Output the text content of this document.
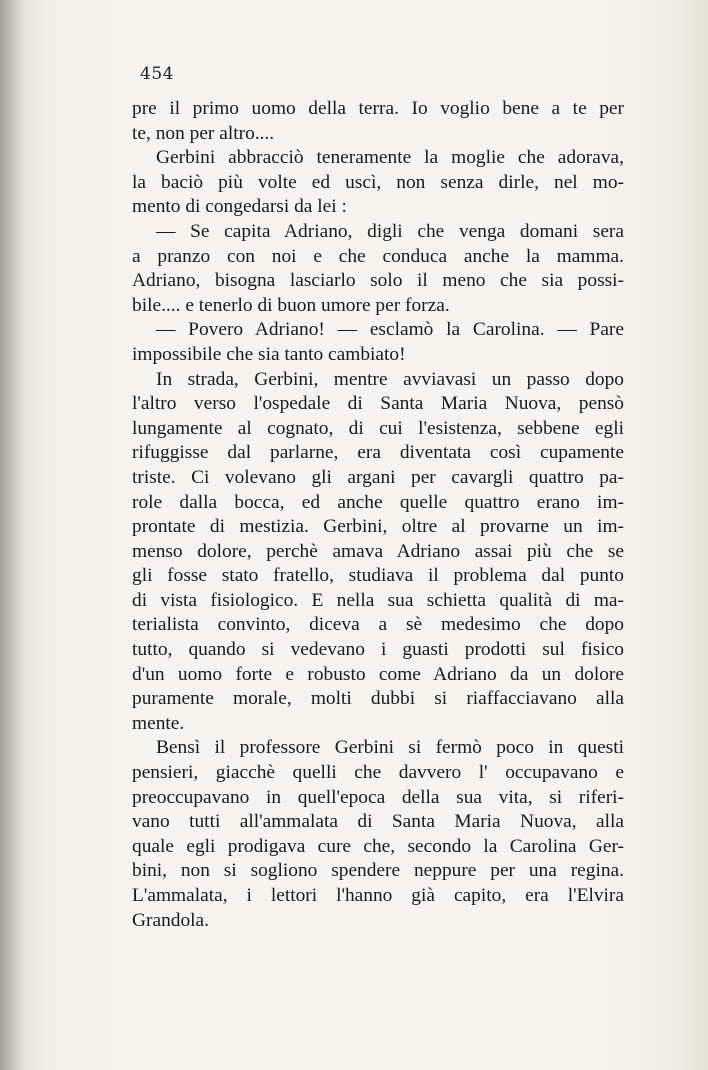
454
pre il primo uomo della terra. Io voglio bene a te per
te, non per altro....
Gerbini abbracciò teneramente la moglie che adorava,
la baciò più volte ed uscì, non senza dirle, nel mo-
mento di congedarsi da lei :
— Se capita Adriano, digli che venga domani sera
a pranzo con noi e che conduca anche la mamma.
Adriano, bisogna lasciarlo solo il meno che sia possi-
bile.... e tenerlo di buon umore per forza.
— Povero Adriano! — esclamò la Carolina. — Pare
impossibile che sia tanto cambiato!
In strada, Gerbini, mentre avviavasi un passo dopo
l'altro verso l'ospedale di Santa Maria Nuova, pensò
lungamente al cognato, di cui l'esistenza, sebbene egli
rifuggisse dal parlarne, era diventata così cupamente
triste. Ci volevano gli argani per cavargli quattro pa-
role dalla bocca, ed anche quelle quattro erano im-
prontate di mestizia. Gerbini, oltre al provarne un im-
menso dolore, perchè amava Adriano assai più che se
gli fosse stato fratello, studiava il problema dal punto
di vista fisiologico. E nella sua schietta qualità di ma-
terialista convinto, diceva a sè medesimo che dopo
tutto, quando si vedevano i guasti prodotti sul fisico
d'un uomo forte e robusto come Adriano da un dolore
puramente morale, molti dubbi si riaffacciavano alla
mente.
Bensì il professore Gerbini si fermò poco in questi
pensieri, giacchè quelli che davvero l' occupavano e
preoccupavano in quell'epoca della sua vita, si riferi-
vano tutti all'ammalata di Santa Maria Nuova, alla
quale egli prodigava cure che, secondo la Carolina Ger-
bini, non si sogliono spendere neppure per una regina.
L'ammalata, i lettori l'hanno già capito, era l'Elvira
Grandola.
